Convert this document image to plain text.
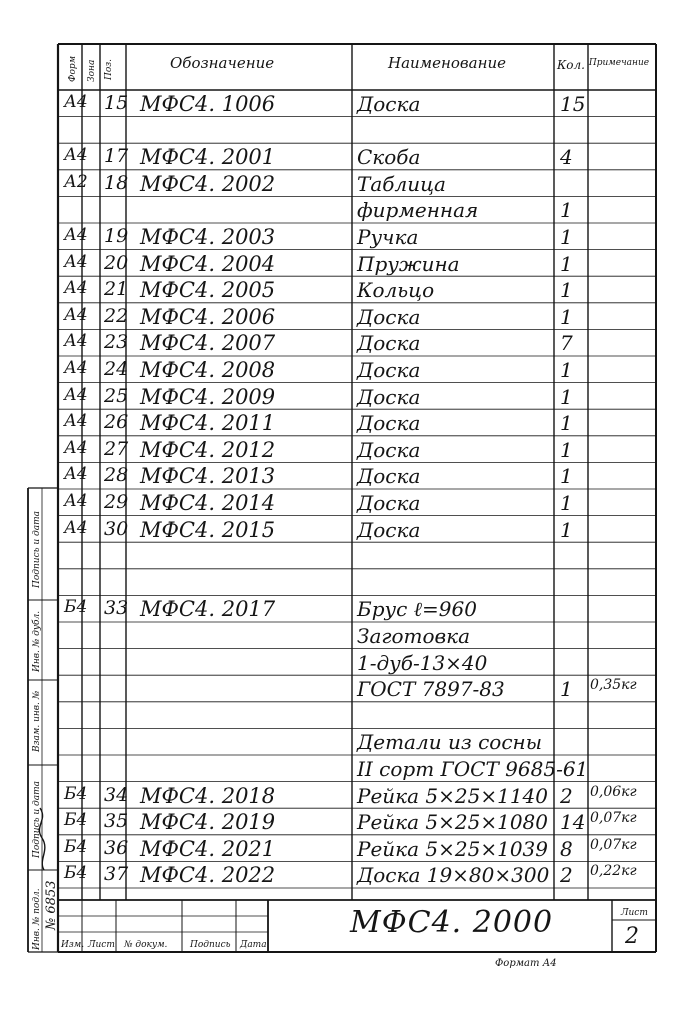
Форм Зона Поз.	Обозначение	Наименование	Кол. Примечание
А4 15 МФС4. 1006	Доска	15
А4 17 МФС4. 2001	Скоба	4
А2 18 МФС4. 2002	Таблица
фирменная	1
А4 19 МФС4. 2003	Ручка	1
А4 20 МФС4. 2004	Пружина	1
А4 21 МФС4. 2005	Кольцо	1
А4 22 МФС4. 2006	Доска	1
А4 23 МФС4. 2007	Доска	7
А4 24 МФС4. 2008	Доска	1
А4 25 МФС4. 2009	Доска	1
А4 26 МФС4. 2011	Доска	1
А4 27 МФС4. 2012	Доска	1
А4 28 МФС4. 2013	Доска	1
А4 29 МФС4. 2014	Доска	1
А4 30 МФС4. 2015	Доска	1
Б4 33 МФС4. 2017	Брус ℓ=960
Заготовка
1-дуб-13×40
ГОСТ 7897-83	1	0,35кг
Детали из сосны
II сорт ГОСТ 9685-61
Б4 34 МФС4. 2018	Рейка 5×25×1140 2	0,06кг
Б4 35 МФС4. 2019	Рейка 5×25×1080 14 0,07кг
Б4 36 МФС4. 2021	Рейка 5×25×1039 8	0,07кг
Б4 37 МФС4. 2022	Доска 19×80×300 2	0,22кг
МФС4. 2000	Лист
2
Изм. Лист № докум.	Подпись Дата
Инв. № подл. № 6853
Подпись и дата
Взам. инв. №
Инв. № дубл.
Подпись и дата
Формат А4
